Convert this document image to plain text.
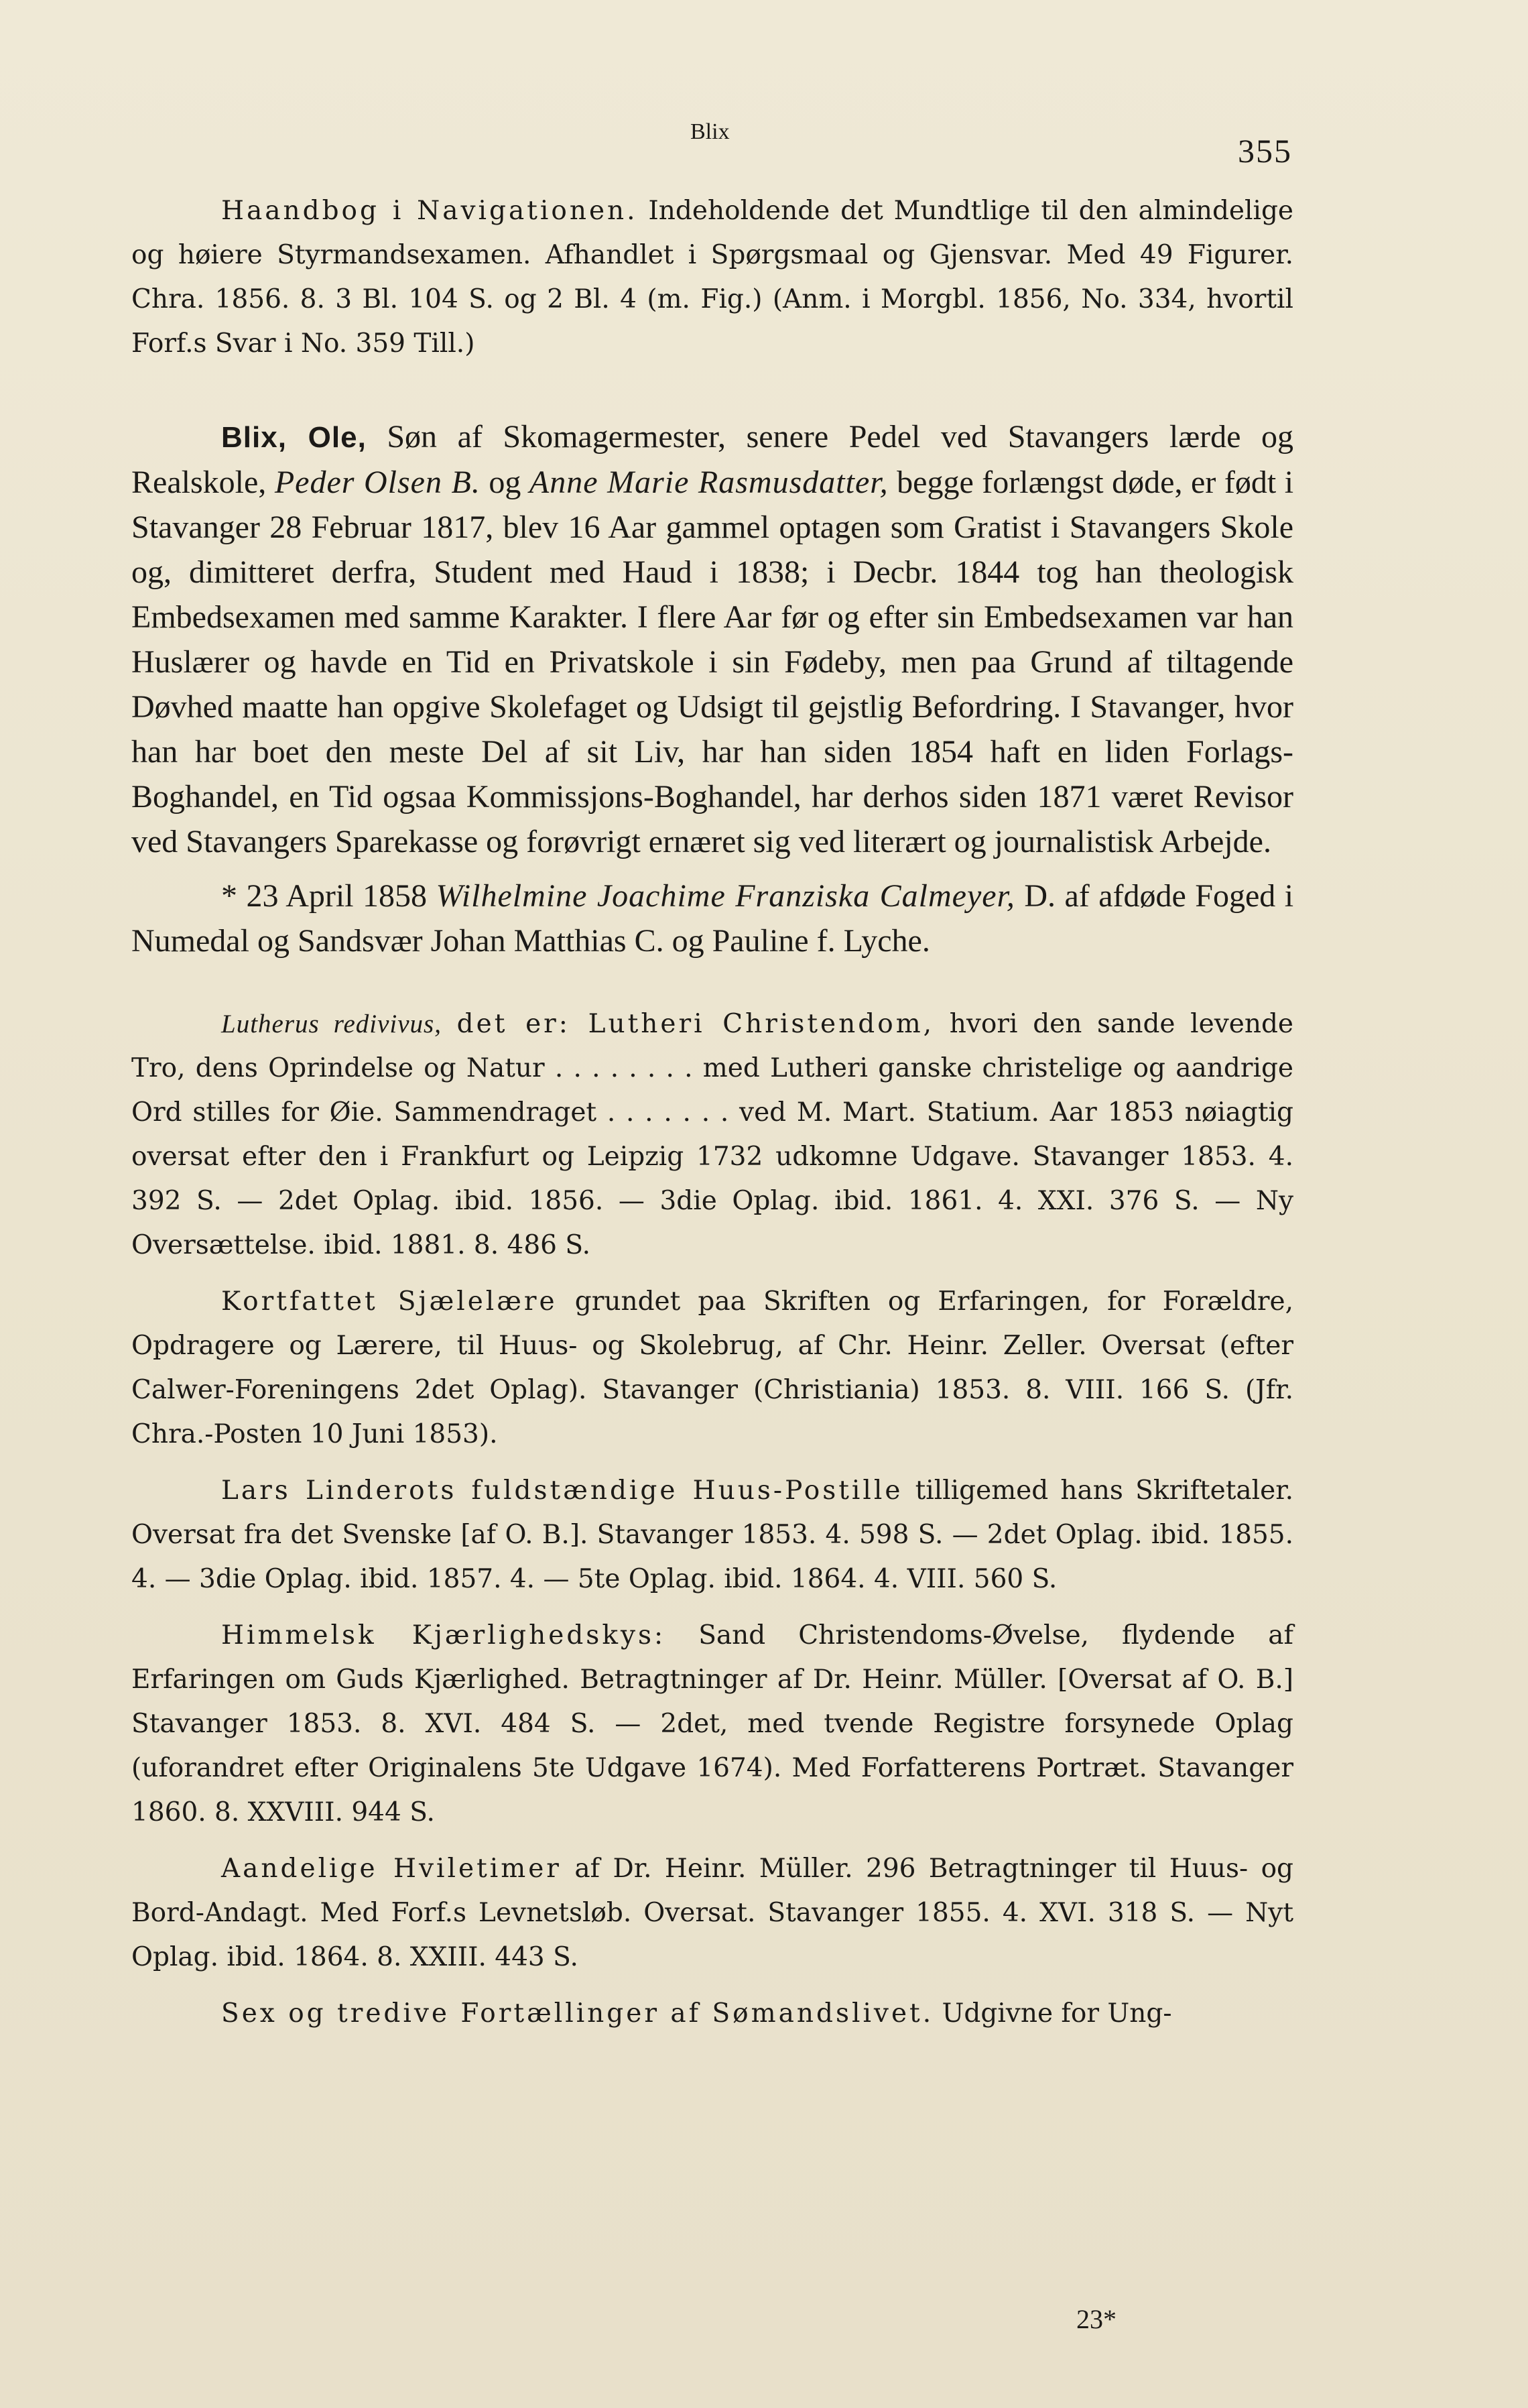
Blix
355

Haandbog i Navigationen. Indeholdende det Mundtlige til den almindelige og høiere Styrmandsexamen. Afhandlet i Spørgsmaal og Gjensvar. Med 49 Figurer. Chra. 1856. 8. 3 Bl. 104 S. og 2 Bl. 4 (m. Fig.) (Anm. i Morgbl. 1856, No. 334, hvortil Forf.s Svar i No. 359 Till.)

Blix, Ole, Søn af Skomagermester, senere Pedel ved Stavangers lærde og Realskole, Peder Olsen B. og Anne Marie Rasmusdatter, begge forlængst døde, er født i Stavanger 28 Februar 1817, blev 16 Aar gammel optagen som Gratist i Stavangers Skole og, dimitteret derfra, Student med Haud i 1838; i Decbr. 1844 tog han theologisk Embedsexamen med samme Karakter. I flere Aar før og efter sin Embedsexamen var han Huslærer og havde en Tid en Privatskole i sin Fødeby, men paa Grund af tiltagende Døvhed maatte han opgive Skolefaget og Udsigt til gejstlig Befordring. I Stavanger, hvor han har boet den meste Del af sit Liv, har han siden 1854 haft en liden Forlags-Boghandel, en Tid ogsaa Kommissjons-Boghandel, har derhos siden 1871 været Revisor ved Stavangers Sparekasse og forøvrigt ernæret sig ved literært og journalistisk Arbejde.

* 23 April 1858 Wilhelmine Joachime Franziska Calmeyer, D. af afdøde Foged i Numedal og Sandsvær Johan Matthias C. og Pauline f. Lyche.

Lutherus redivivus, det er: Lutheri Christendom, hvori den sande levende Tro, dens Oprindelse og Natur . . . . . . . . med Lutheri ganske christelige og aandrige Ord stilles for Øie. Sammendraget . . . . . . . ved M. Mart. Statium. Aar 1853 nøiagtig oversat efter den i Frankfurt og Leipzig 1732 udkomne Udgave. Stavanger 1853. 4. 392 S. — 2det Oplag. ibid. 1856. — 3die Oplag. ibid. 1861. 4. XXI. 376 S. — Ny Oversættelse. ibid. 1881. 8. 486 S.

Kortfattet Sjælelære grundet paa Skriften og Erfaringen, for Forældre, Opdragere og Lærere, til Huus- og Skolebrug, af Chr. Heinr. Zeller. Oversat (efter Calwer-Foreningens 2det Oplag). Stavanger (Christiania) 1853. 8. VIII. 166 S. (Jfr. Chra.-Posten 10 Juni 1853).

Lars Linderots fuldstændige Huus-Postille tilligemed hans Skriftetaler. Oversat fra det Svenske [af O. B.]. Stavanger 1853. 4. 598 S. — 2det Oplag. ibid. 1855. 4. — 3die Oplag. ibid. 1857. 4. — 5te Oplag. ibid. 1864. 4. VIII. 560 S.

Himmelsk Kjærlighedskys: Sand Christendoms-Øvelse, flydende af Erfaringen om Guds Kjærlighed. Betragtninger af Dr. Heinr. Müller. [Oversat af O. B.] Stavanger 1853. 8. XVI. 484 S. — 2det, med tvende Registre forsynede Oplag (uforandret efter Originalens 5te Udgave 1674). Med Forfatterens Portræt. Stavanger 1860. 8. XXVIII. 944 S.

Aandelige Hviletimer af Dr. Heinr. Müller. 296 Betragtninger til Huus- og Bord-Andagt. Med Forf.s Levnetsløb. Oversat. Stavanger 1855. 4. XVI. 318 S. — Nyt Oplag. ibid. 1864. 8. XXIII. 443 S.

Sex og tredive Fortællinger af Sømandslivet. Udgivne for Ung-

23*
